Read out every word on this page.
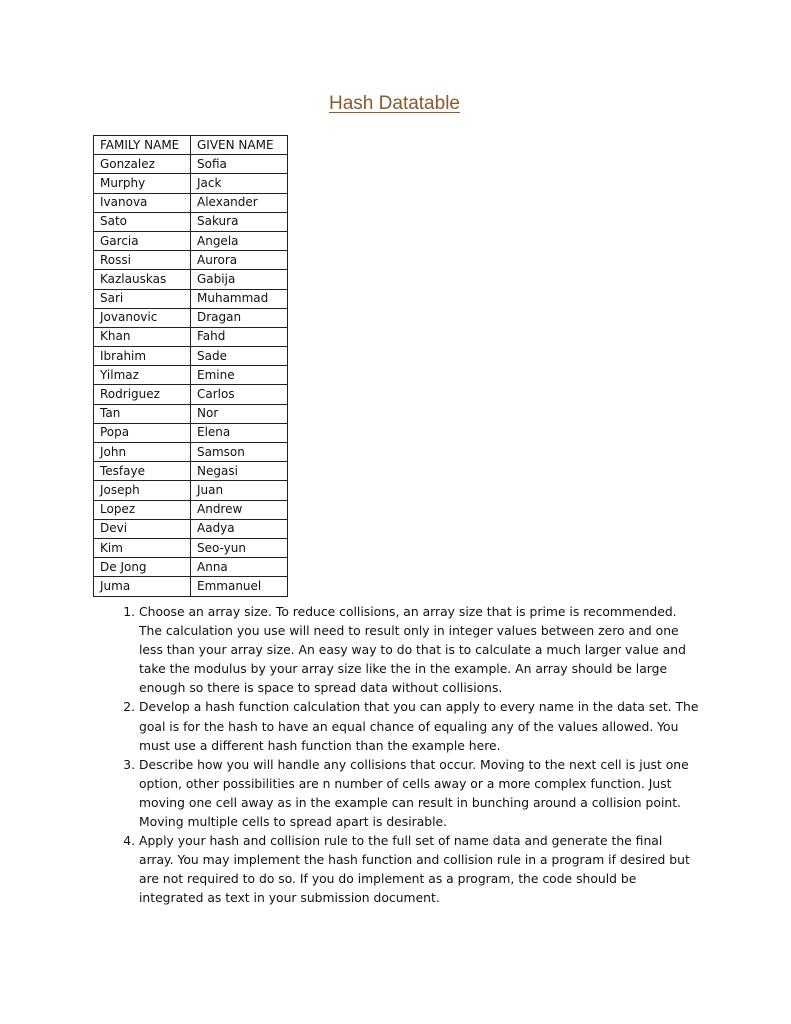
Hash Datatable
FAMILY NAME	GIVEN NAME
Gonzalez	Sofia
Murphy	Jack
Ivanova	Alexander
Sato	Sakura
Garcia	Angela
Rossi	Aurora
Kazlauskas	Gabija
Sari	Muhammad
Jovanovic	Dragan
Khan	Fahd
Ibrahim	Sade
Yilmaz	Emine
Rodriguez	Carlos
Tan	Nor
Popa	Elena
John	Samson
Tesfaye	Negasi
Joseph	Juan
Lopez	Andrew
Devi	Aadya
Kim	Seo-yun
De Jong	Anna
Juma	Emmanuel
1. Choose an array size. To reduce collisions, an array size that is prime is recommended. The calculation you use will need to result only in integer values between zero and one less than your array size. An easy way to do that is to calculate a much larger value and take the modulus by your array size like the in the example. An array should be large enough so there is space to spread data without collisions.
2. Develop a hash function calculation that you can apply to every name in the data set. The goal is for the hash to have an equal chance of equaling any of the values allowed. You must use a different hash function than the example here.
3. Describe how you will handle any collisions that occur. Moving to the next cell is just one option, other possibilities are n number of cells away or a more complex function. Just moving one cell away as in the example can result in bunching around a collision point. Moving multiple cells to spread apart is desirable.
4. Apply your hash and collision rule to the full set of name data and generate the final array. You may implement the hash function and collision rule in a program if desired but are not required to do so. If you do implement as a program, the code should be integrated as text in your submission document.
